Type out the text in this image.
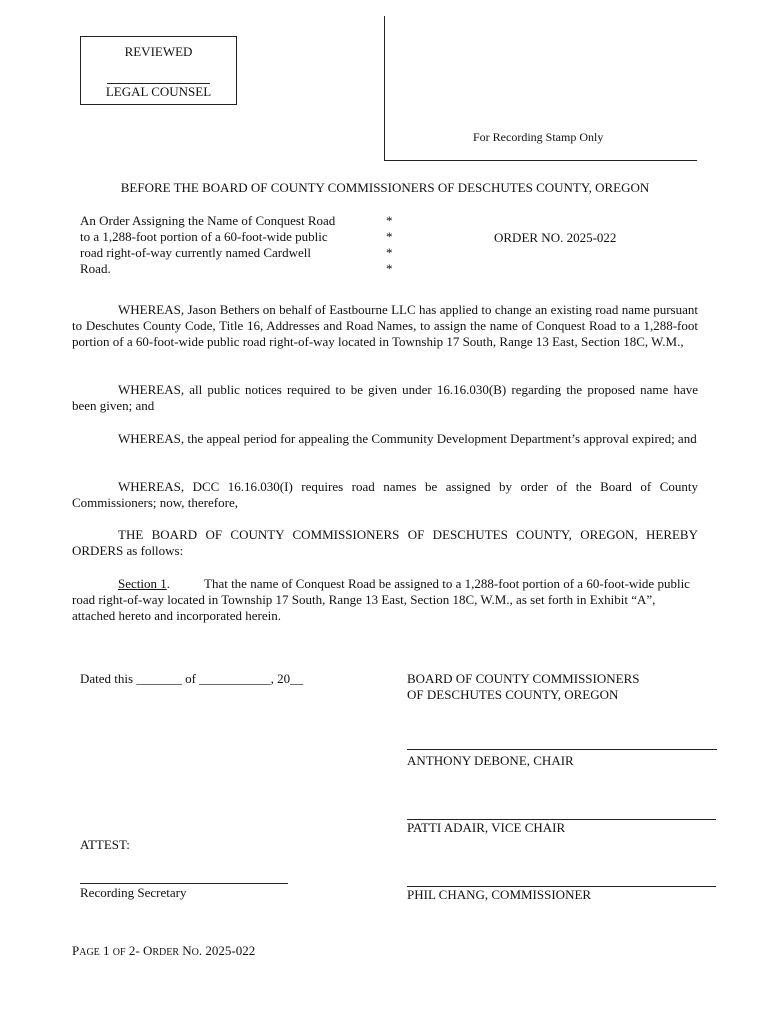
REVIEWED
LEGAL COUNSEL
For Recording Stamp Only
BEFORE THE BOARD OF COUNTY COMMISSIONERS OF DESCHUTES COUNTY, OREGON
An Order Assigning the Name of Conquest Road
to a 1,288-foot portion of a 60-foot-wide public
road right-of-way currently named Cardwell
Road.
*
*
*
*
ORDER NO. 2025-022

WHEREAS, Jason Bethers on behalf of Eastbourne LLC has applied to change an existing road name pursuant to Deschutes County Code, Title 16, Addresses and Road Names, to assign the name of Conquest Road to a 1,288-foot portion of a 60-foot-wide public road right-of-way located in Township 17 South, Range 13 East, Section 18C, W.M.,

WHEREAS, all public notices required to be given under 16.16.030(B) regarding the proposed name have been given; and

WHEREAS, the appeal period for appealing the Community Development Department’s approval expired; and

WHEREAS, DCC 16.16.030(I) requires road names be assigned by order of the Board of County Commissioners; now, therefore,

THE BOARD OF COUNTY COMMISSIONERS OF DESCHUTES COUNTY, OREGON, HEREBY ORDERS as follows:

Section 1.	That the name of Conquest Road be assigned to a 1,288-foot portion of a 60-foot-wide public road right-of-way located in Township 17 South, Range 13 East, Section 18C, W.M., as set forth in Exhibit “A”, attached hereto and incorporated herein.

Dated this _______ of ___________, 20__	BOARD OF COUNTY COMMISSIONERS
OF DESCHUTES COUNTY, OREGON
ANTHONY DEBONE, CHAIR
PATTI ADAIR, VICE CHAIR
PHIL CHANG, COMMISSIONER
ATTEST:
Recording Secretary
PAGE 1 OF 2- ORDER NO. 2025-022
